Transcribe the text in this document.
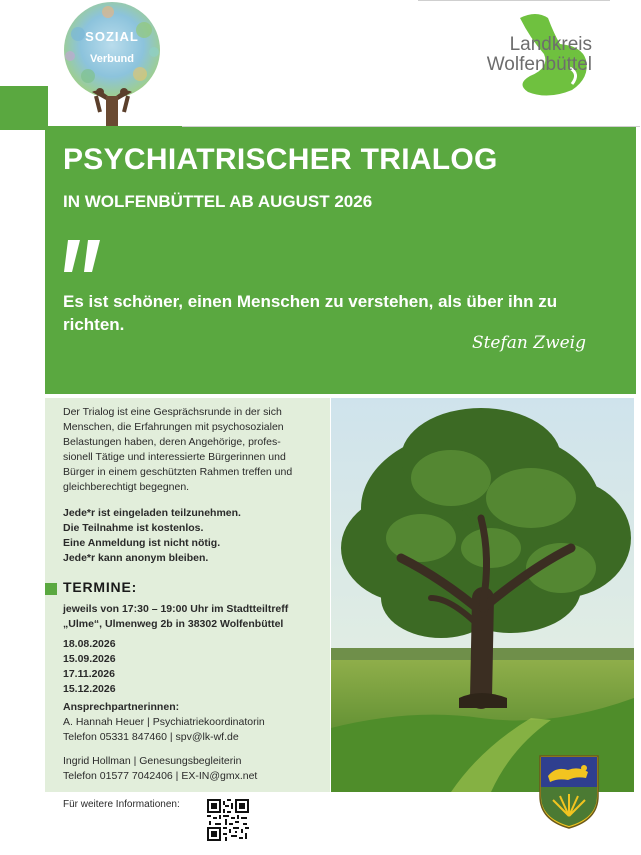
SOZIAL
Verbund
Landkreis
Wolfenbüttel
PSYCHIATRISCHER TRIALOG
IN WOLFENBÜTTEL AB AUGUST 2026
Es ist schöner, einen Menschen zu verstehen, als über ihn zu richten.
Stefan Zweig
Der Trialog ist eine Gesprächsrunde in der sich
Menschen, die Erfahrungen mit psychosozialen
Belastungen haben, deren Angehörige, profes-
sionell Tätige und interessierte Bürgerinnen und
Bürger in einem geschützten Rahmen treffen und
gleichberechtigt begegnen.
Jede*r ist eingeladen teilzunehmen.
Die Teilnahme ist kostenlos.
Eine Anmeldung ist nicht nötig.
Jede*r kann anonym bleiben.
TERMINE:
jeweils von 17:30 – 19:00 Uhr im Stadtteiltreff
„Ulme“, Ulmenweg 2b in 38302 Wolfenbüttel
18.08.2026
15.09.2026
17.11.2026
15.12.2026
Ansprechpartnerinnen:
A. Hannah Heuer | Psychiatriekoordinatorin
Telefon 05331 847460 | spv@lk-wf.de
Ingrid Hollman | Genesungsbegleiterin
Telefon 01577 7042406 | EX-IN@gmx.net
Für weitere Informationen:
